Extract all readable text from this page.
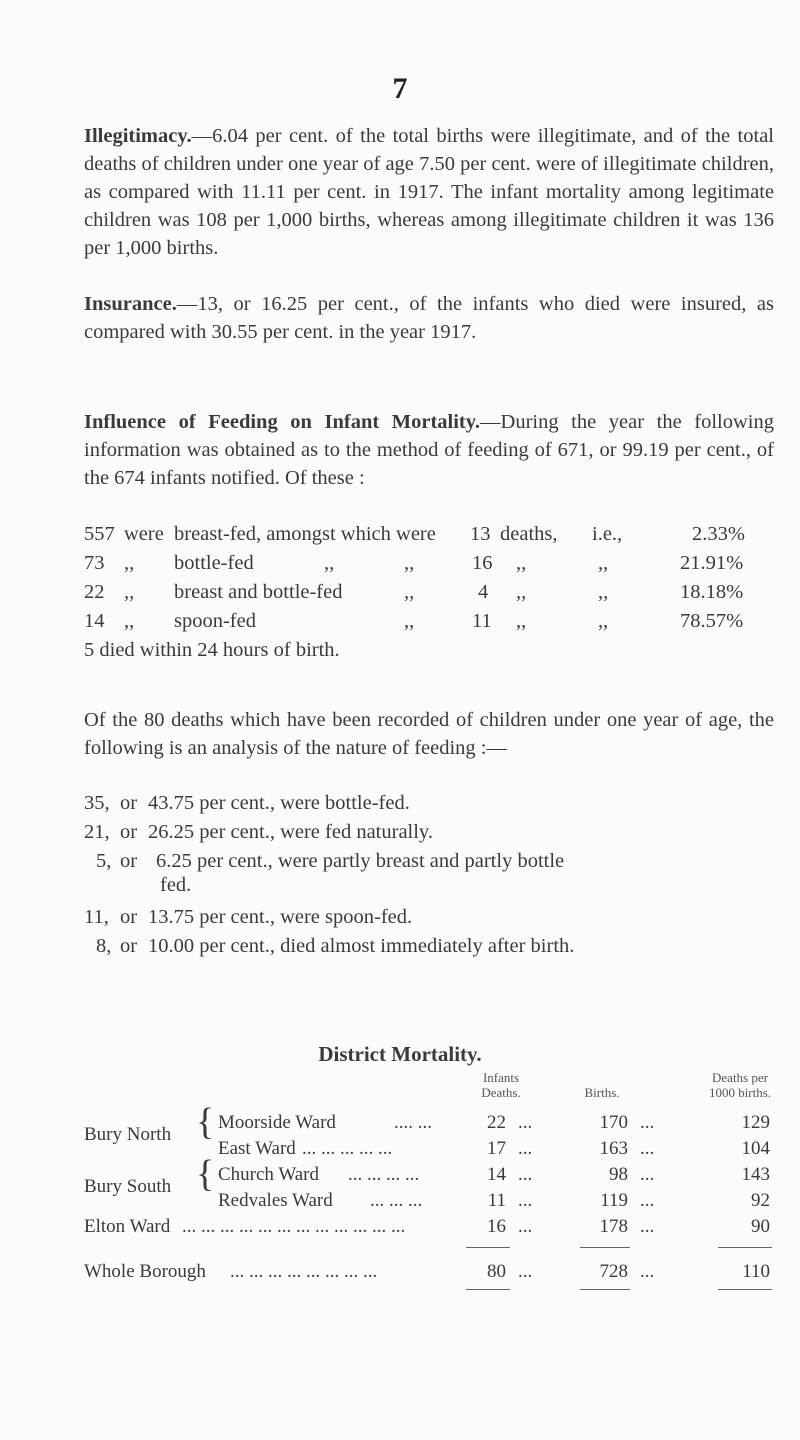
7

Illegitimacy.—6.04 per cent. of the total births were illegitimate, and of the total deaths of children under one year of age 7.50 per cent. were of illegitimate children, as compared with 11.11 per cent. in 1917. The infant mortality among legitimate children was 108 per 1,000 births, whereas among illegitimate children it was 136 per 1,000 births.

Insurance.—13, or 16.25 per cent., of the infants who died were insured, as compared with 30.55 per cent. in the year 1917.

Influence of Feeding on Infant Mortality.—During the year the following information was obtained as to the method of feeding of 671, or 99.19 per cent., of the 674 infants notified. Of these :

557 were breast-fed, amongst which were 13 deaths, i.e.,	2.33%
73 ,, bottle-fed	,,	,,	16 ,,	,,	21.91%
22 ,, breast and bottle-fed	,,	4 ,,	,,	18.18%
14 ,, spoon-fed	,,	11 ,,	,,	78.57%
5 died within 24 hours of birth.

Of the 80 deaths which have been recorded of children under one year of age, the following is an analysis of the nature of feeding :—

35, or 43.75 per cent., were bottle-fed.
21, or 26.25 per cent., were fed naturally.
5, or 6.25 per cent., were partly breast and partly bottle
fed.
11, or 13.75 per cent., were spoon-fed.
8, or 10.00 per cent., died almost immediately after birth.
District Mortality.
Infants
Deaths.	Births.
Deaths per
1000 births.
Bury North { Moorside Ward	.... ...	22 ...	170 ...	129
East Ward ... ... ... ... ...	17 ...	163 ...	104
Bury South { Church Ward ... ... ... ...	14 ...	98 ...	143
Redvales Ward ... ... ...	11 ...	119 ...	92
Elton Ward ... ... ... ... ... ... ... ... ... ... ... ...	16 ...	178 ...	90
Whole Borough ... ... ... ... ... ... ... ...	80 ...	728 ...	110
